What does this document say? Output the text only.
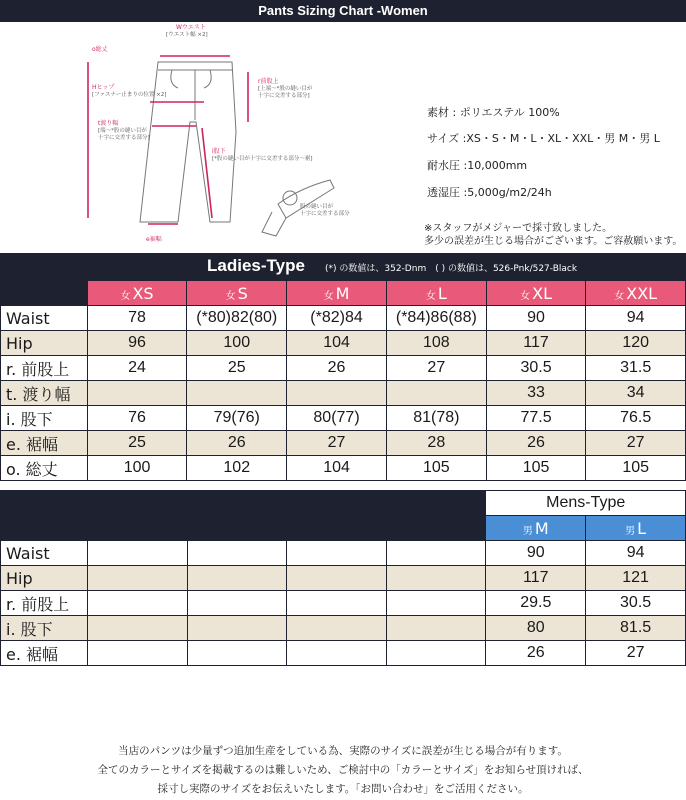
Pants Sizing Chart -Women
Wウエスト
[ウエスト幅 ×2]
o総丈
Hヒップ
[ファスナー止まりの位置 ×2]
r前股上
[上端〜*股の縫い目が
十字に交差する部分]
t渡り幅
[端〜*股の縫い目が
十字に交差する部分]
i股下
[*股の縫い目が十字に交差する部分〜裾]
e裾幅
股の縫い目が
十字に交差する部分
素材 : ポリエステル 100%
サイズ :XS・S・M・L・XL・XXL・男 M・男 L
耐水圧 :10,000mm
透湿圧 :5,000g/m2/24h
※スタッフがメジャーで採寸致しました。
多少の誤差が生じる場合がございます。ご容赦願います。
Ladies-Type (*) の数値は、352-Dnm　( ) の数値は、526-Pnk/527-Black
	女 XS	女 S	女 M	女 L	女 XL	女 XXL
Waist	78	(*80)82(80)	(*82)84	(*84)86(88)	90	94
Hip	96	100	104	108	117	120
r. 前股上	24	25	26	27	30.5	31.5
t. 渡り幅					33	34
i. 股下	76	79(76)	80(77)	81(78)	77.5	76.5
e. 裾幅	25	26	27	28	26	27
o. 総丈	100	102	104	105	105	105
					Mens-Type	
					男 M	男 L
Waist					90	94
Hip					117	121
r. 前股上					29.5	30.5
i. 股下					80	81.5
e. 裾幅					26	27
当店のパンツは少量ずつ追加生産をしている為、実際のサイズに誤差が生じる場合が有ります。
全てのカラーとサイズを掲載するのは難しいため、ご検討中の「カラーとサイズ」をお知らせ頂ければ、
採寸し実際のサイズをお伝えいたします。「お問い合わせ」をご活用ください。
